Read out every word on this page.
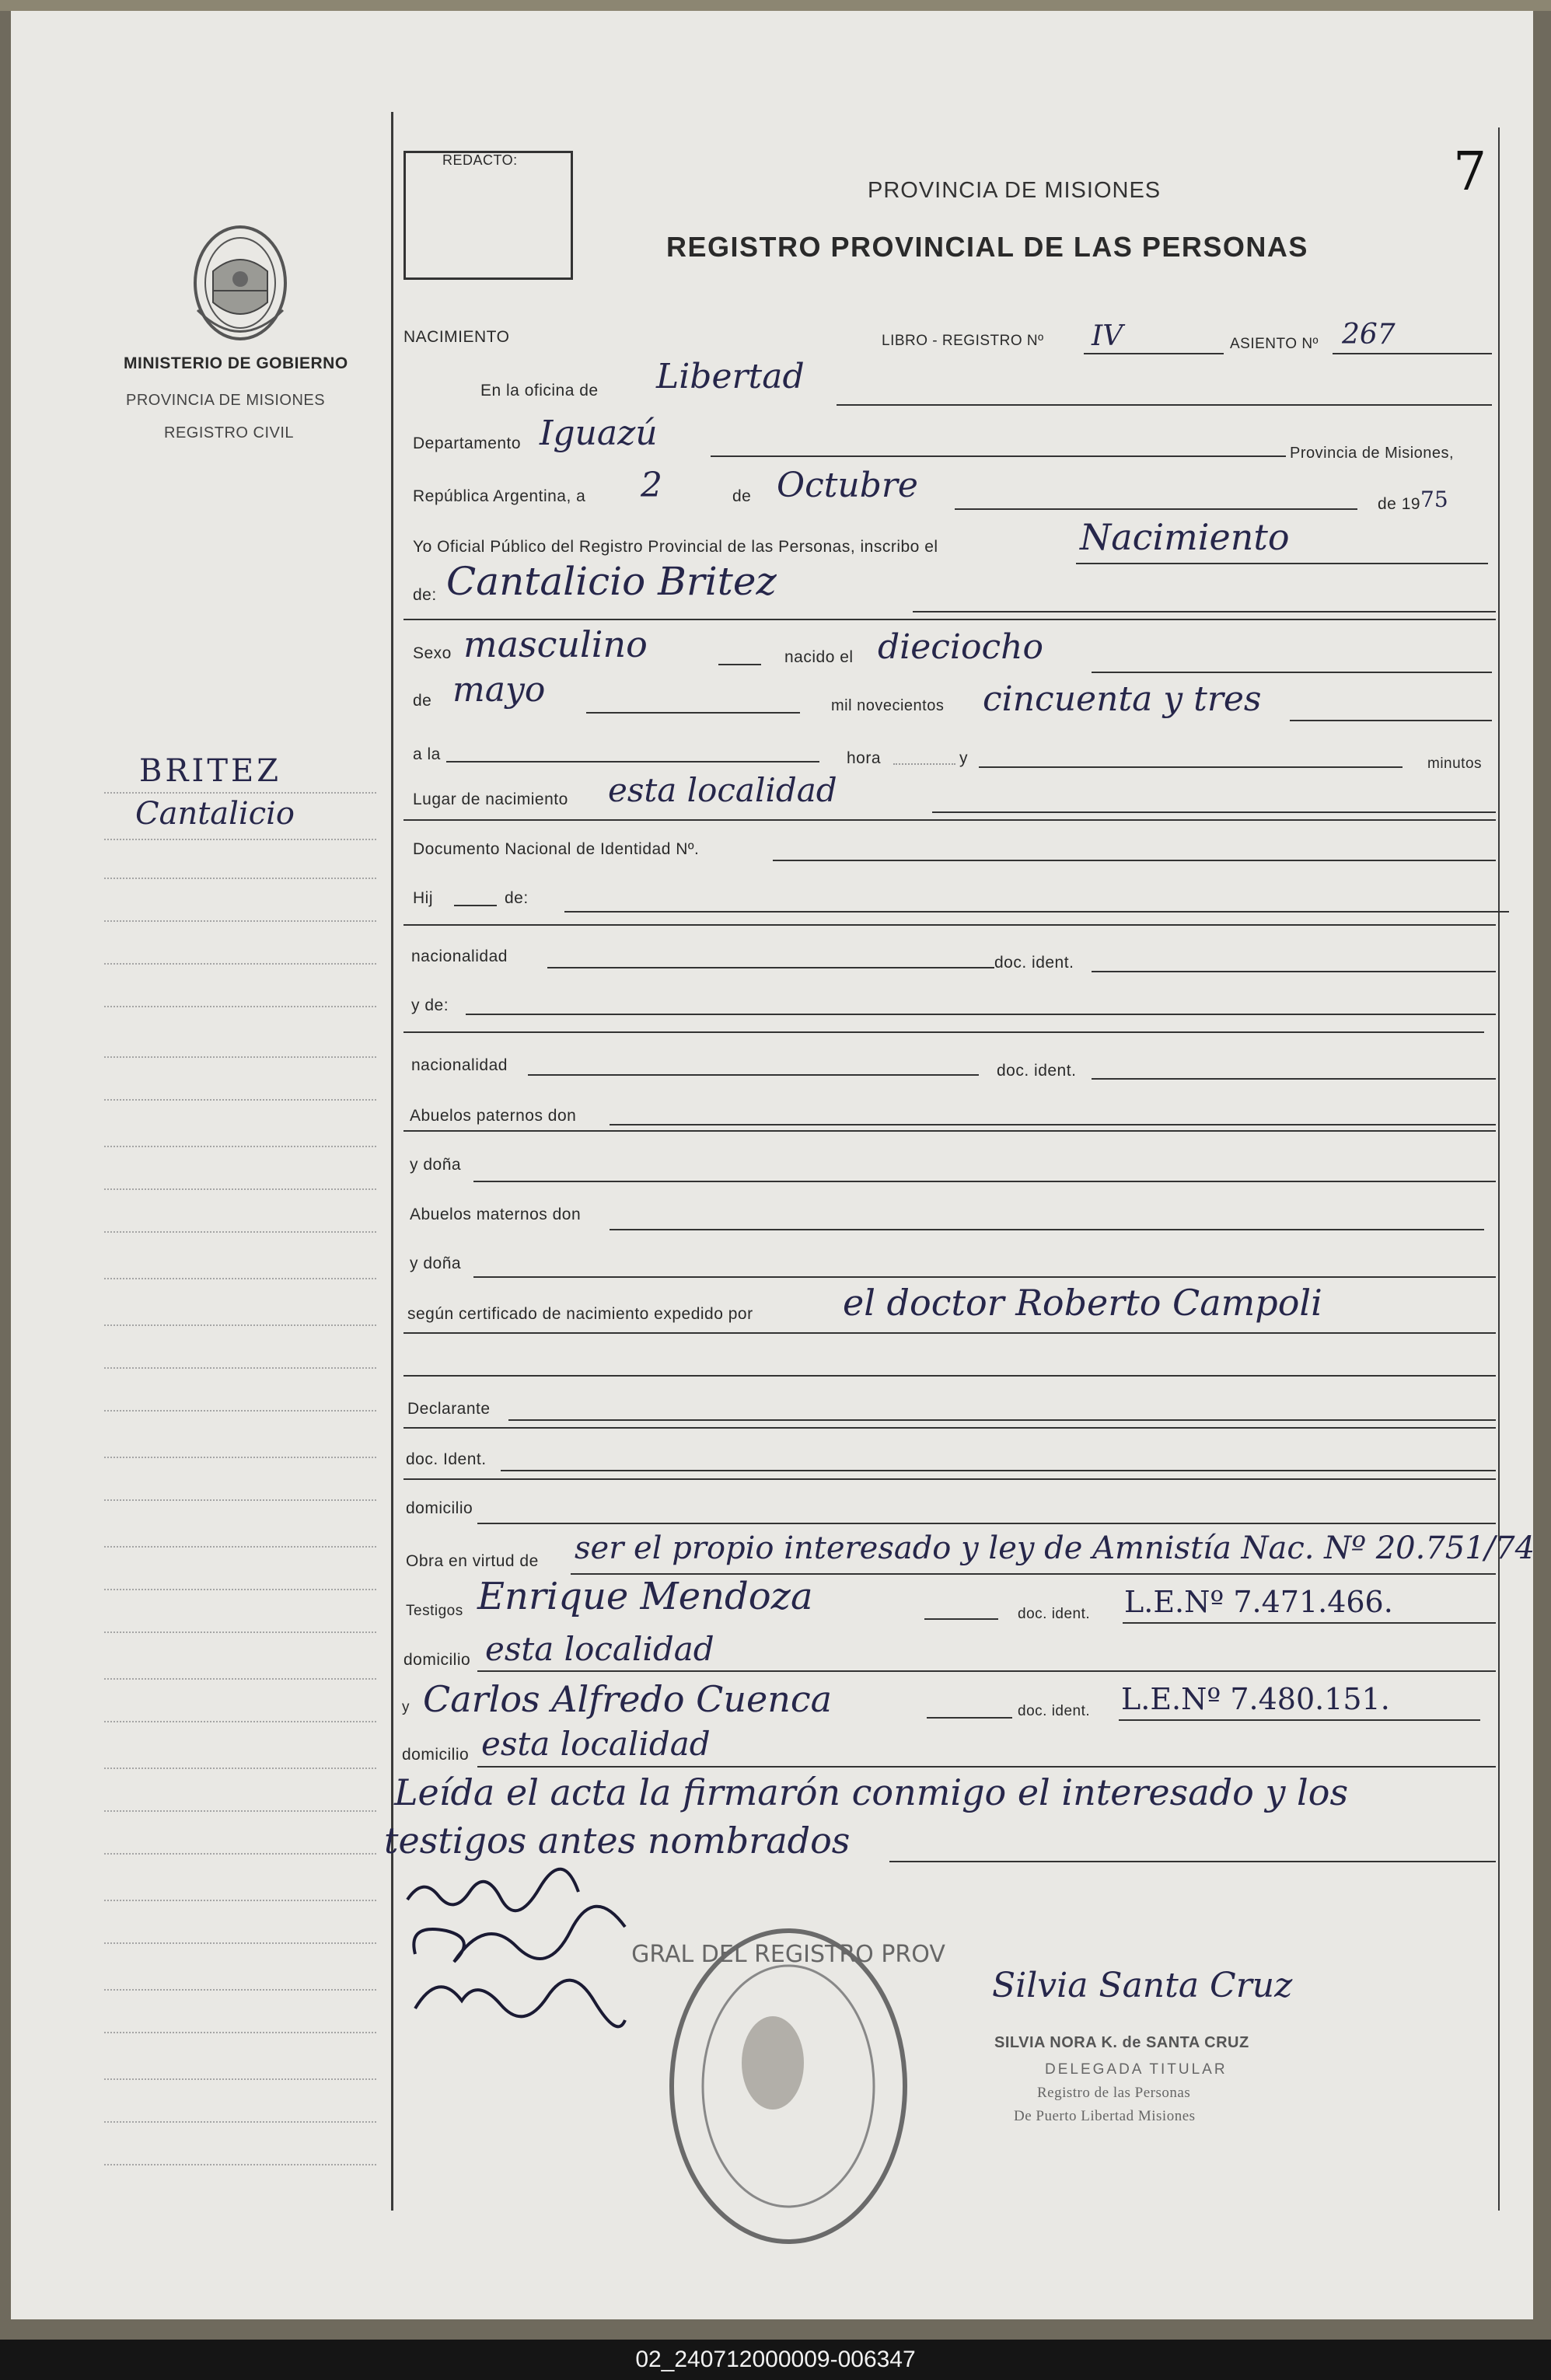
MINISTERIO DE GOBIERNO
PROVINCIA DE MISIONES
REGISTRO CIVIL
BRITEZ
Cantalicio
REDACTO:	7
PROVINCIA DE MISIONES
REGISTRO PROVINCIAL DE LAS PERSONAS
NACIMIENTO	LIBRO - REGISTRO Nº IV	ASIENTO Nº 267
En la oficina de Libertad
Departamento Iguazú	Provincia de Misiones,
República Argentina, a 2	de Octubre	de 19 75
Yo Oficial Público del Registro Provincial de las Personas, inscribo el	Nacimiento
de: Cantalicio Britez
Sexo masculino	nacido el dieciocho
de mayo	mil novecientos cincuenta y tres
a la	hora	y	minutos
Lugar de nacimiento esta localidad
Documento Nacional de Identidad Nº.
Hij	de:
nacionalidad	doc. ident.
y de:
nacionalidad	doc. ident.
Abuelos paternos don
y doña
Abuelos maternos don
y doña
según certificado de nacimiento expedido por	el doctor Roberto Campoli
Declarante
doc. Ident.
domicilio
Obra en virtud de ser el propio interesado y ley de Amnistía Nac. Nº 20.751/74
Testigos Enrique Mendoza	doc. ident. L.E.Nº 7.471.466.
domicilio esta localidad
y Carlos Alfredo Cuenca	doc. ident. L.E.Nº 7.480.151.
domicilio esta localidad
Leída el acta la firmarón conmigo el interesado y los
testigos antes nombrados
GRAL DEL REGISTRO PROV
Silvia Santa Cruz
SILVIA NORA K. de SANTA CRUZ
DELEGADA TITULAR
Registro de las Personas
De Puerto Libertad Misiones
02_240712000009-006347
